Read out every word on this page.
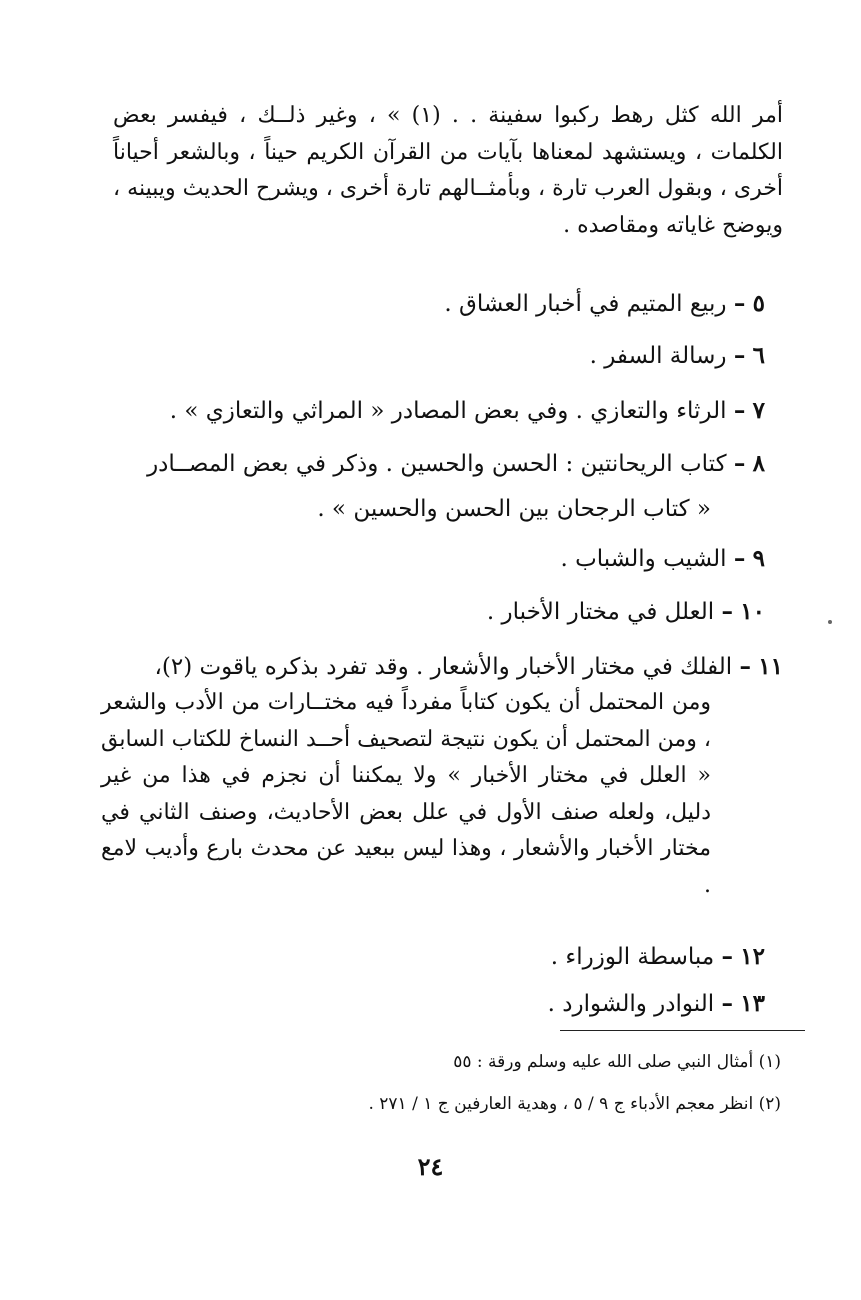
أمر الله كثل رهط ركبوا سفينة . . (١) » ، وغير ذلــك ، فيفسر بعض الكلمات ، ويستشهد لمعناها بآيات من القرآن الكريم حيناً ، وبالشعر أحياناً أخرى ، وبقول العرب تارة ، وبأمثــالهم تارة أخرى ، ويشرح الحديث ويبينه ، ويوضح غاياته ومقاصده .

٥ – ربيع المتيم في أخبار العشاق .

٦ – رسالة السفر .

٧ – الرثاء والتعازي . وفي بعض المصادر « المراثي والتعازي » .

٨ – كتاب الريحانتين : الحسن والحسين . وذكر في بعض المصــادر

« كتاب الرجحان بين الحسن والحسين » .

٩ – الشيب والشباب .

١٠ – العلل في مختار الأخبار .

١١ – الفلك في مختار الأخبار والأشعار . وقد تفرد بذكره ياقوت (٢)،

ومن المحتمل أن يكون كتاباً مفرداً فيه مختــارات من الأدب والشعر ، ومن المحتمل أن يكون نتيجة لتصحيف أحــد النساخ للكتاب السابق « العلل في مختار الأخبار » ولا يمكننا أن نجزم في هذا من غير دليل، ولعله صنف الأول في علل بعض الأحاديث، وصنف الثاني في مختار الأخبار والأشعار ، وهذا ليس ببعيد عن محدث بارع وأديب لامع .

١٢ – مباسطة الوزراء .

١٣ – النوادر والشوارد .

(١) أمثال النبي صلى الله عليه وسلم ورقة : ٥٥

(٢) انظر معجم الأدباء ج ٩ / ٥ ، وهدية العارفين ج ١ / ٢٧١ .

٢٤
